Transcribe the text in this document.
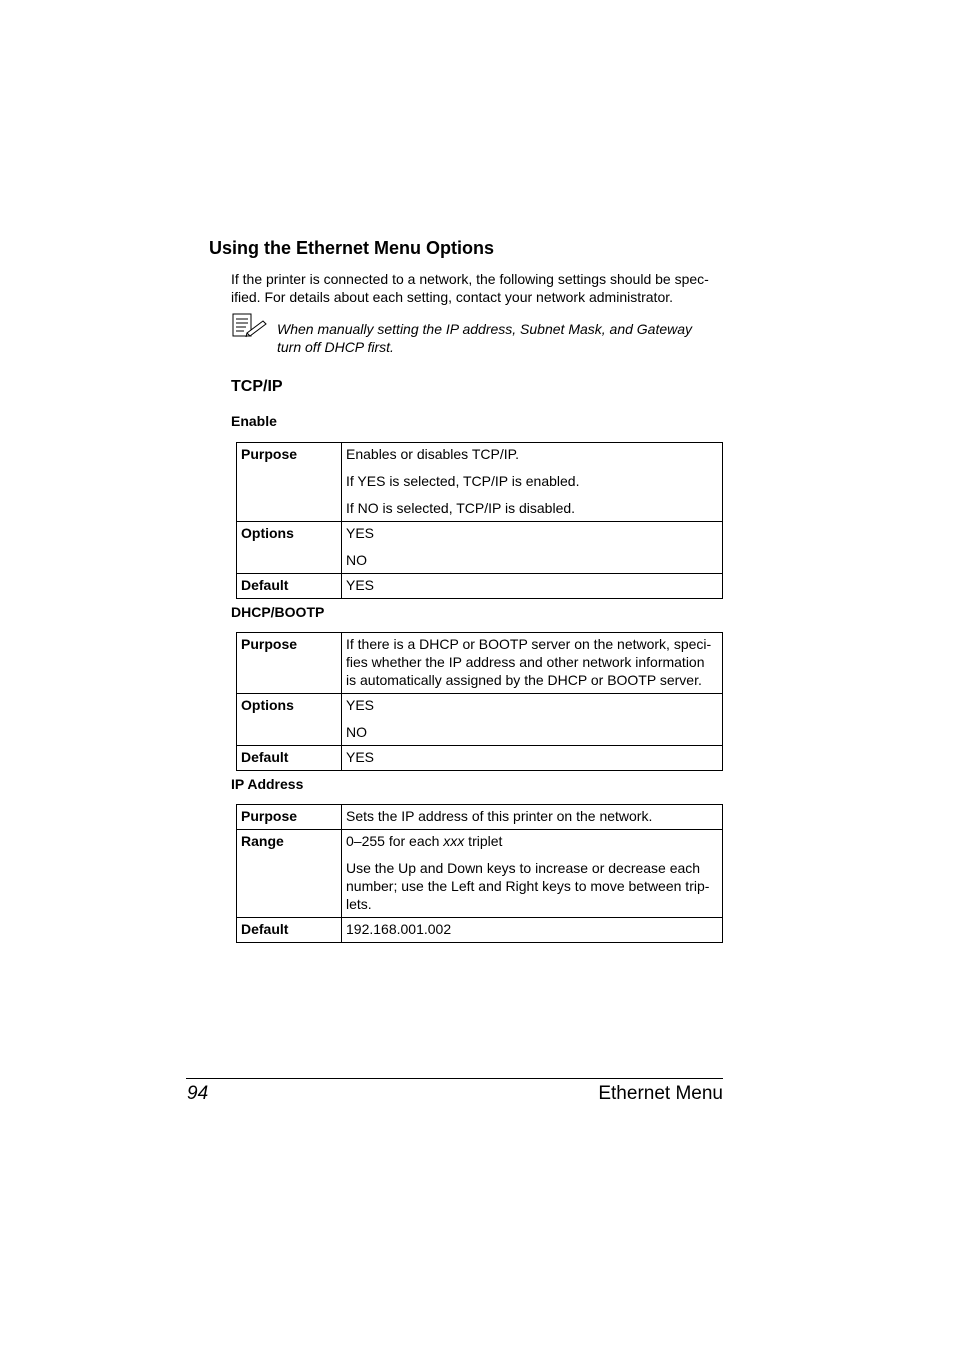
Using the Ethernet Menu Options
If the printer is connected to a network, the following settings should be spec- ified. For details about each setting, contact your network administrator.
When manually setting the IP address, Subnet Mask, and Gateway
turn off DHCP first.
TCP/IP
Enable
Purpose	Enables or disables TCP/IP.

If YES is selected, TCP/IP is enabled.

If NO is selected, TCP/IP is disabled.

Options	YES

NO

Default	YES
DHCP/BOOTP
Purpose	If there is a DHCP or BOOTP server on the network, speci- fies whether the IP address and other network information is automatically assigned by the DHCP or BOOTP server.
Options	YES

NO

Default	YES
IP Address
Purpose	Sets the IP address of this printer on the network.
Range	0–255 for each xxx triplet

Use the Up and Down keys to increase or decrease each number; use the Left and Right keys to move between trip- lets.

Default	192.168.001.002
94	Ethernet Menu
